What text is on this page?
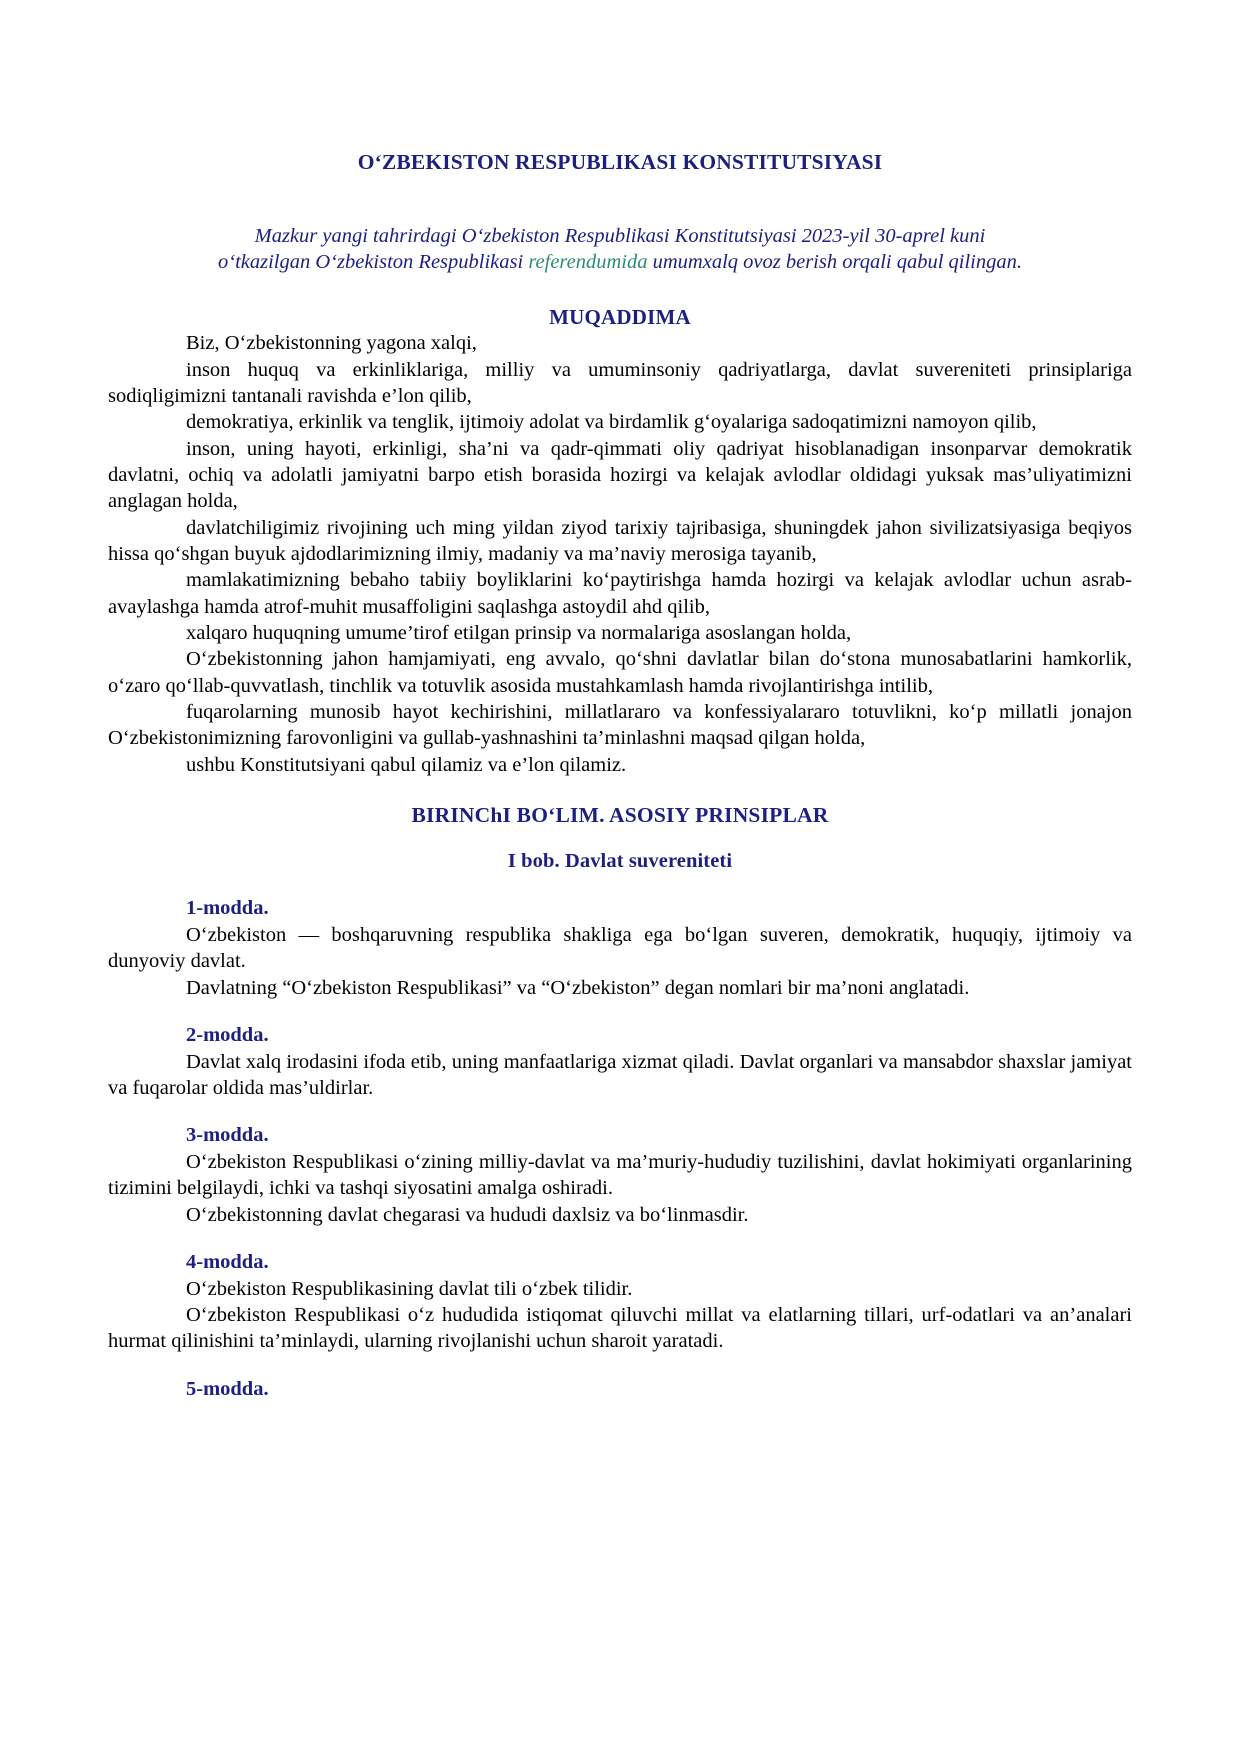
O‘ZBEKISTON RESPUBLIKASI KONSTITUTSIYASI
Mazkur yangi tahrirdagi O‘zbekiston Respublikasi Konstitutsiyasi 2023-yil 30-aprel kuni
o‘tkazilgan O‘zbekiston Respublikasi referendumida umumxalq ovoz berish orqali qabul qilingan.
MUQADDIMA

Biz, O‘zbekistonning yagona xalqi,

inson huquq va erkinliklariga, milliy va umuminsoniy qadriyatlarga, davlat suvereniteti prinsiplariga sodiqligimizni tantanali ravishda e’lon qilib,

demokratiya, erkinlik va tenglik, ijtimoiy adolat va birdamlik g‘oyalariga sadoqatimizni namoyon qilib,

inson, uning hayoti, erkinligi, sha’ni va qadr-qimmati oliy qadriyat hisoblanadigan insonparvar demokratik davlatni, ochiq va adolatli jamiyatni barpo etish borasida hozirgi va kelajak avlodlar oldidagi yuksak mas’uliyatimizni anglagan holda,

davlatchiligimiz rivojining uch ming yildan ziyod tarixiy tajribasiga, shuningdek jahon sivilizatsiyasiga beqiyos hissa qo‘shgan buyuk ajdodlarimizning ilmiy, madaniy va ma’naviy merosiga tayanib,

mamlakatimizning bebaho tabiiy boyliklarini ko‘paytirishga hamda hozirgi va kelajak avlodlar uchun asrab-avaylashga hamda atrof-muhit musaffoligini saqlashga astoydil ahd qilib,

xalqaro huquqning umume’tirof etilgan prinsip va normalariga asoslangan holda,

O‘zbekistonning jahon hamjamiyati, eng avvalo, qo‘shni davlatlar bilan do‘stona munosabatlarini hamkorlik, o‘zaro qo‘llab-quvvatlash, tinchlik va totuvlik asosida mustahkamlash hamda rivojlantirishga intilib,

fuqarolarning munosib hayot kechirishini, millatlararo va konfessiyalararo totuvlikni, ko‘p millatli jonajon O‘zbekistonimizning farovonligini va gullab-yashnashini ta’minlashni maqsad qilgan holda,

ushbu Konstitutsiyani qabul qilamiz va e’lon qilamiz.

BIRINChI BO‘LIM. ASOSIY PRINSIPLAR
I bob. Davlat suvereniteti
1-modda.

O‘zbekiston — boshqaruvning respublika shakliga ega bo‘lgan suveren, demokratik, huquqiy, ijtimoiy va dunyoviy davlat.

Davlatning “O‘zbekiston Respublikasi” va “O‘zbekiston” degan nomlari bir ma’noni anglatadi.

2-modda.

Davlat xalq irodasini ifoda etib, uning manfaatlariga xizmat qiladi. Davlat organlari va mansabdor shaxslar jamiyat va fuqarolar oldida mas’uldirlar.

3-modda.

O‘zbekiston Respublikasi o‘zining milliy-davlat va ma’muriy-hududiy tuzilishini, davlat hokimiyati organlarining tizimini belgilaydi, ichki va tashqi siyosatini amalga oshiradi.

O‘zbekistonning davlat chegarasi va hududi daxlsiz va bo‘linmasdir.

4-modda.

O‘zbekiston Respublikasining davlat tili o‘zbek tilidir.

O‘zbekiston Respublikasi o‘z hududida istiqomat qiluvchi millat va elatlarning tillari, urf-odatlari va an’analari hurmat qilinishini ta’minlaydi, ularning rivojlanishi uchun sharoit yaratadi.

5-modda.
